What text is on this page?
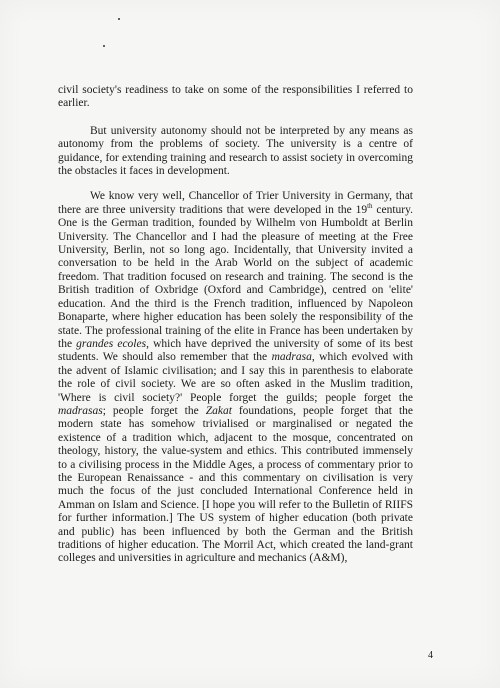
civil society's readiness to take on some of the responsibilities I referred to earlier.

But university autonomy should not be interpreted by any means as autonomy from the problems of society. The university is a centre of guidance, for extending training and research to assist society in overcoming the obstacles it faces in development.

We know very well, Chancellor of Trier University in Germany, that there are three university traditions that were developed in the 19th century. One is the German tradition, founded by Wilhelm von Humboldt at Berlin University. The Chancellor and I had the pleasure of meeting at the Free University, Berlin, not so long ago. Incidentally, that University invited a conversation to be held in the Arab World on the subject of academic freedom. That tradition focused on research and training. The second is the British tradition of Oxbridge (Oxford and Cambridge), centred on 'elite' education. And the third is the French tradition, influenced by Napoleon Bonaparte, where higher education has been solely the responsibility of the state. The professional training of the elite in France has been undertaken by the grandes ecoles, which have deprived the university of some of its best students. We should also remember that the madrasa, which evolved with the advent of Islamic civilisation; and I say this in parenthesis to elaborate the role of civil society. We are so often asked in the Muslim tradition, 'Where is civil society?' People forget the guilds; people forget the madrasas; people forget the Zakat foundations, people forget that the modern state has somehow trivialised or marginalised or negated the existence of a tradition which, adjacent to the mosque, concentrated on theology, history, the value-system and ethics. This contributed immensely to a civilising process in the Middle Ages, a process of commentary prior to the European Renaissance - and this commentary on civilisation is very much the focus of the just concluded International Conference held in Amman on Islam and Science. [I hope you will refer to the Bulletin of RIIFS for further information.] The US system of higher education (both private and public) has been influenced by both the German and the British traditions of higher education. The Morril Act, which created the land-grant colleges and universities in agriculture and mechanics (A&M),

4
